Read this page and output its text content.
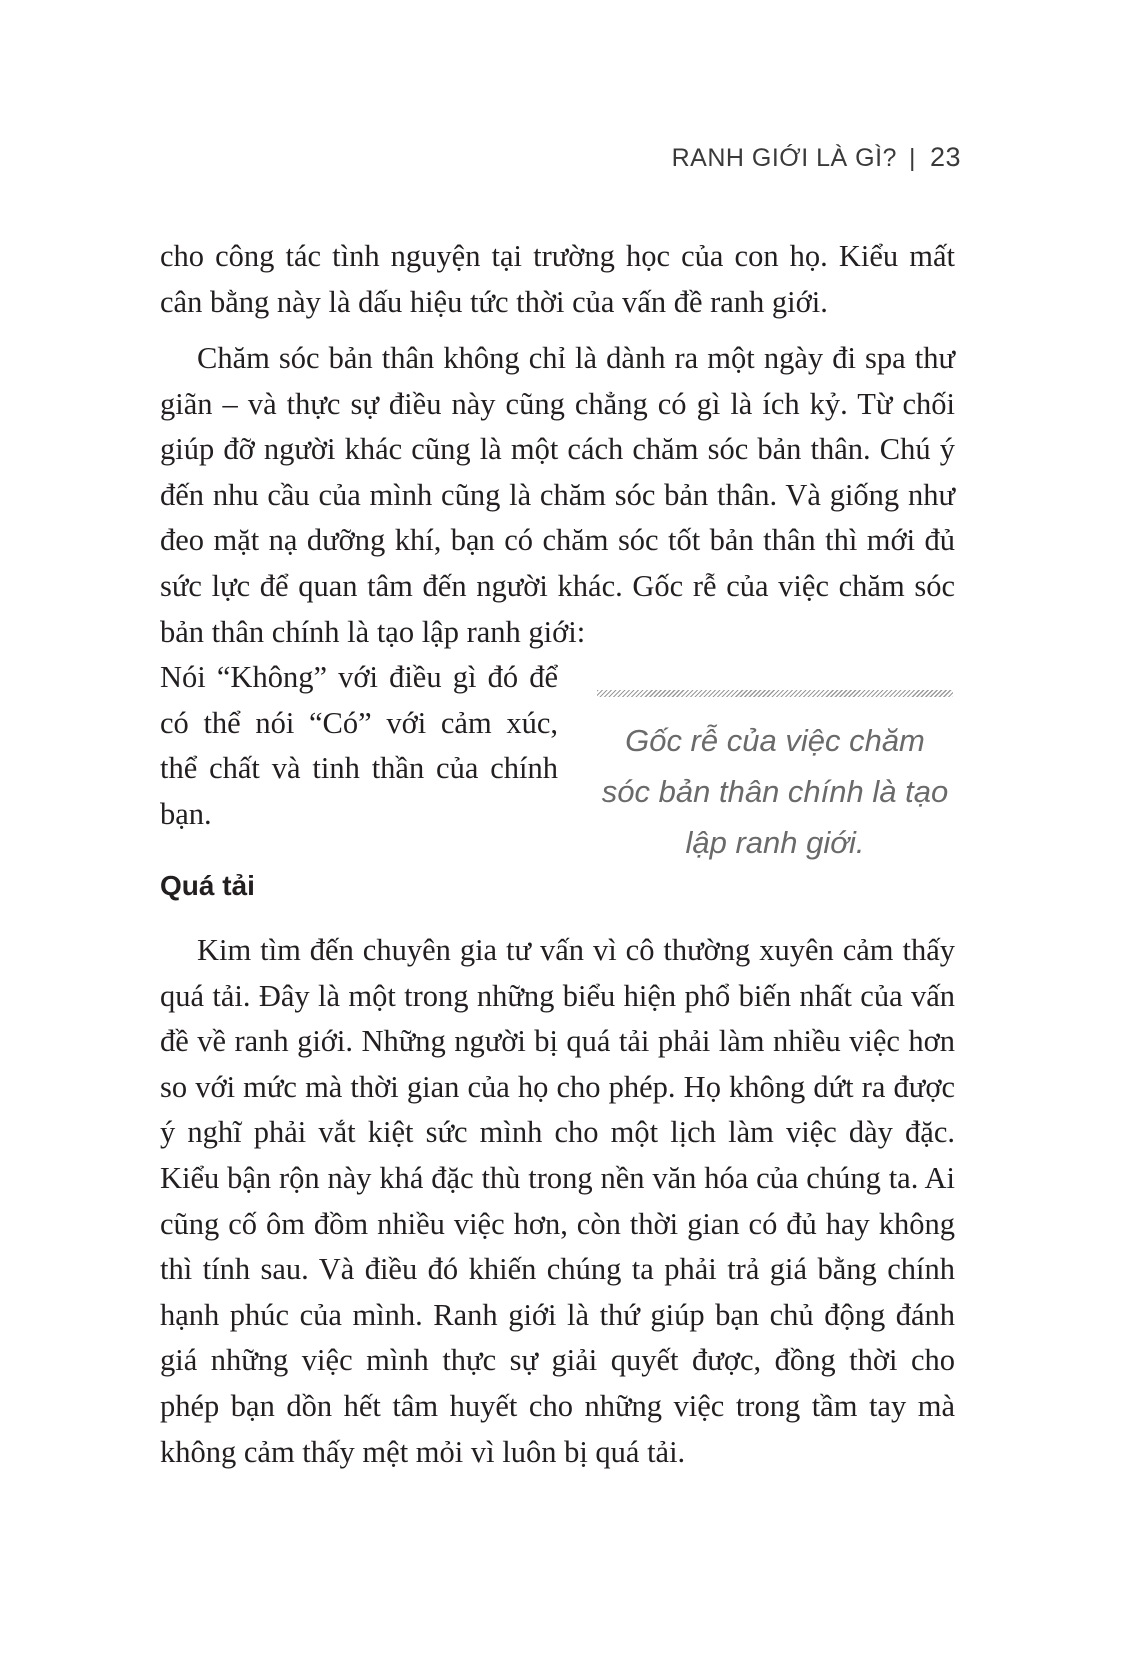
RANH GIỚI LÀ GÌ? | 23

cho công tác tình nguyện tại trường học của con họ. Kiểu mất cân bằng này là dấu hiệu tức thời của vấn đề ranh giới.

Chăm sóc bản thân không chỉ là dành ra một ngày đi spa thư giãn – và thực sự điều này cũng chẳng có gì là ích kỷ. Từ chối giúp đỡ người khác cũng là một cách chăm sóc bản thân. Chú ý đến nhu cầu của mình cũng là chăm sóc bản thân. Và giống như đeo mặt nạ dưỡng khí, bạn có chăm sóc tốt bản thân thì mới đủ sức lực để quan tâm đến người khác. Gốc rễ của việc chăm sóc bản thân chính là tạo lập ranh giới:

Nói “Không” với điều gì đó để có thể nói “Có” với cảm xúc, thể chất và tinh thần của chính bạn.

Gốc rễ của việc chăm sóc bản thân chính là tạo lập ranh giới.
Quá tải

Kim tìm đến chuyên gia tư vấn vì cô thường xuyên cảm thấy quá tải. Đây là một trong những biểu hiện phổ biến nhất của vấn đề về ranh giới. Những người bị quá tải phải làm nhiều việc hơn so với mức mà thời gian của họ cho phép. Họ không dứt ra được ý nghĩ phải vắt kiệt sức mình cho một lịch làm việc dày đặc. Kiểu bận rộn này khá đặc thù trong nền văn hóa của chúng ta. Ai cũng cố ôm đồm nhiều việc hơn, còn thời gian có đủ hay không thì tính sau. Và điều đó khiến chúng ta phải trả giá bằng chính hạnh phúc của mình. Ranh giới là thứ giúp bạn chủ động đánh giá những việc mình thực sự giải quyết được, đồng thời cho phép bạn dồn hết tâm huyết cho những việc trong tầm tay mà không cảm thấy mệt mỏi vì luôn bị quá tải.
